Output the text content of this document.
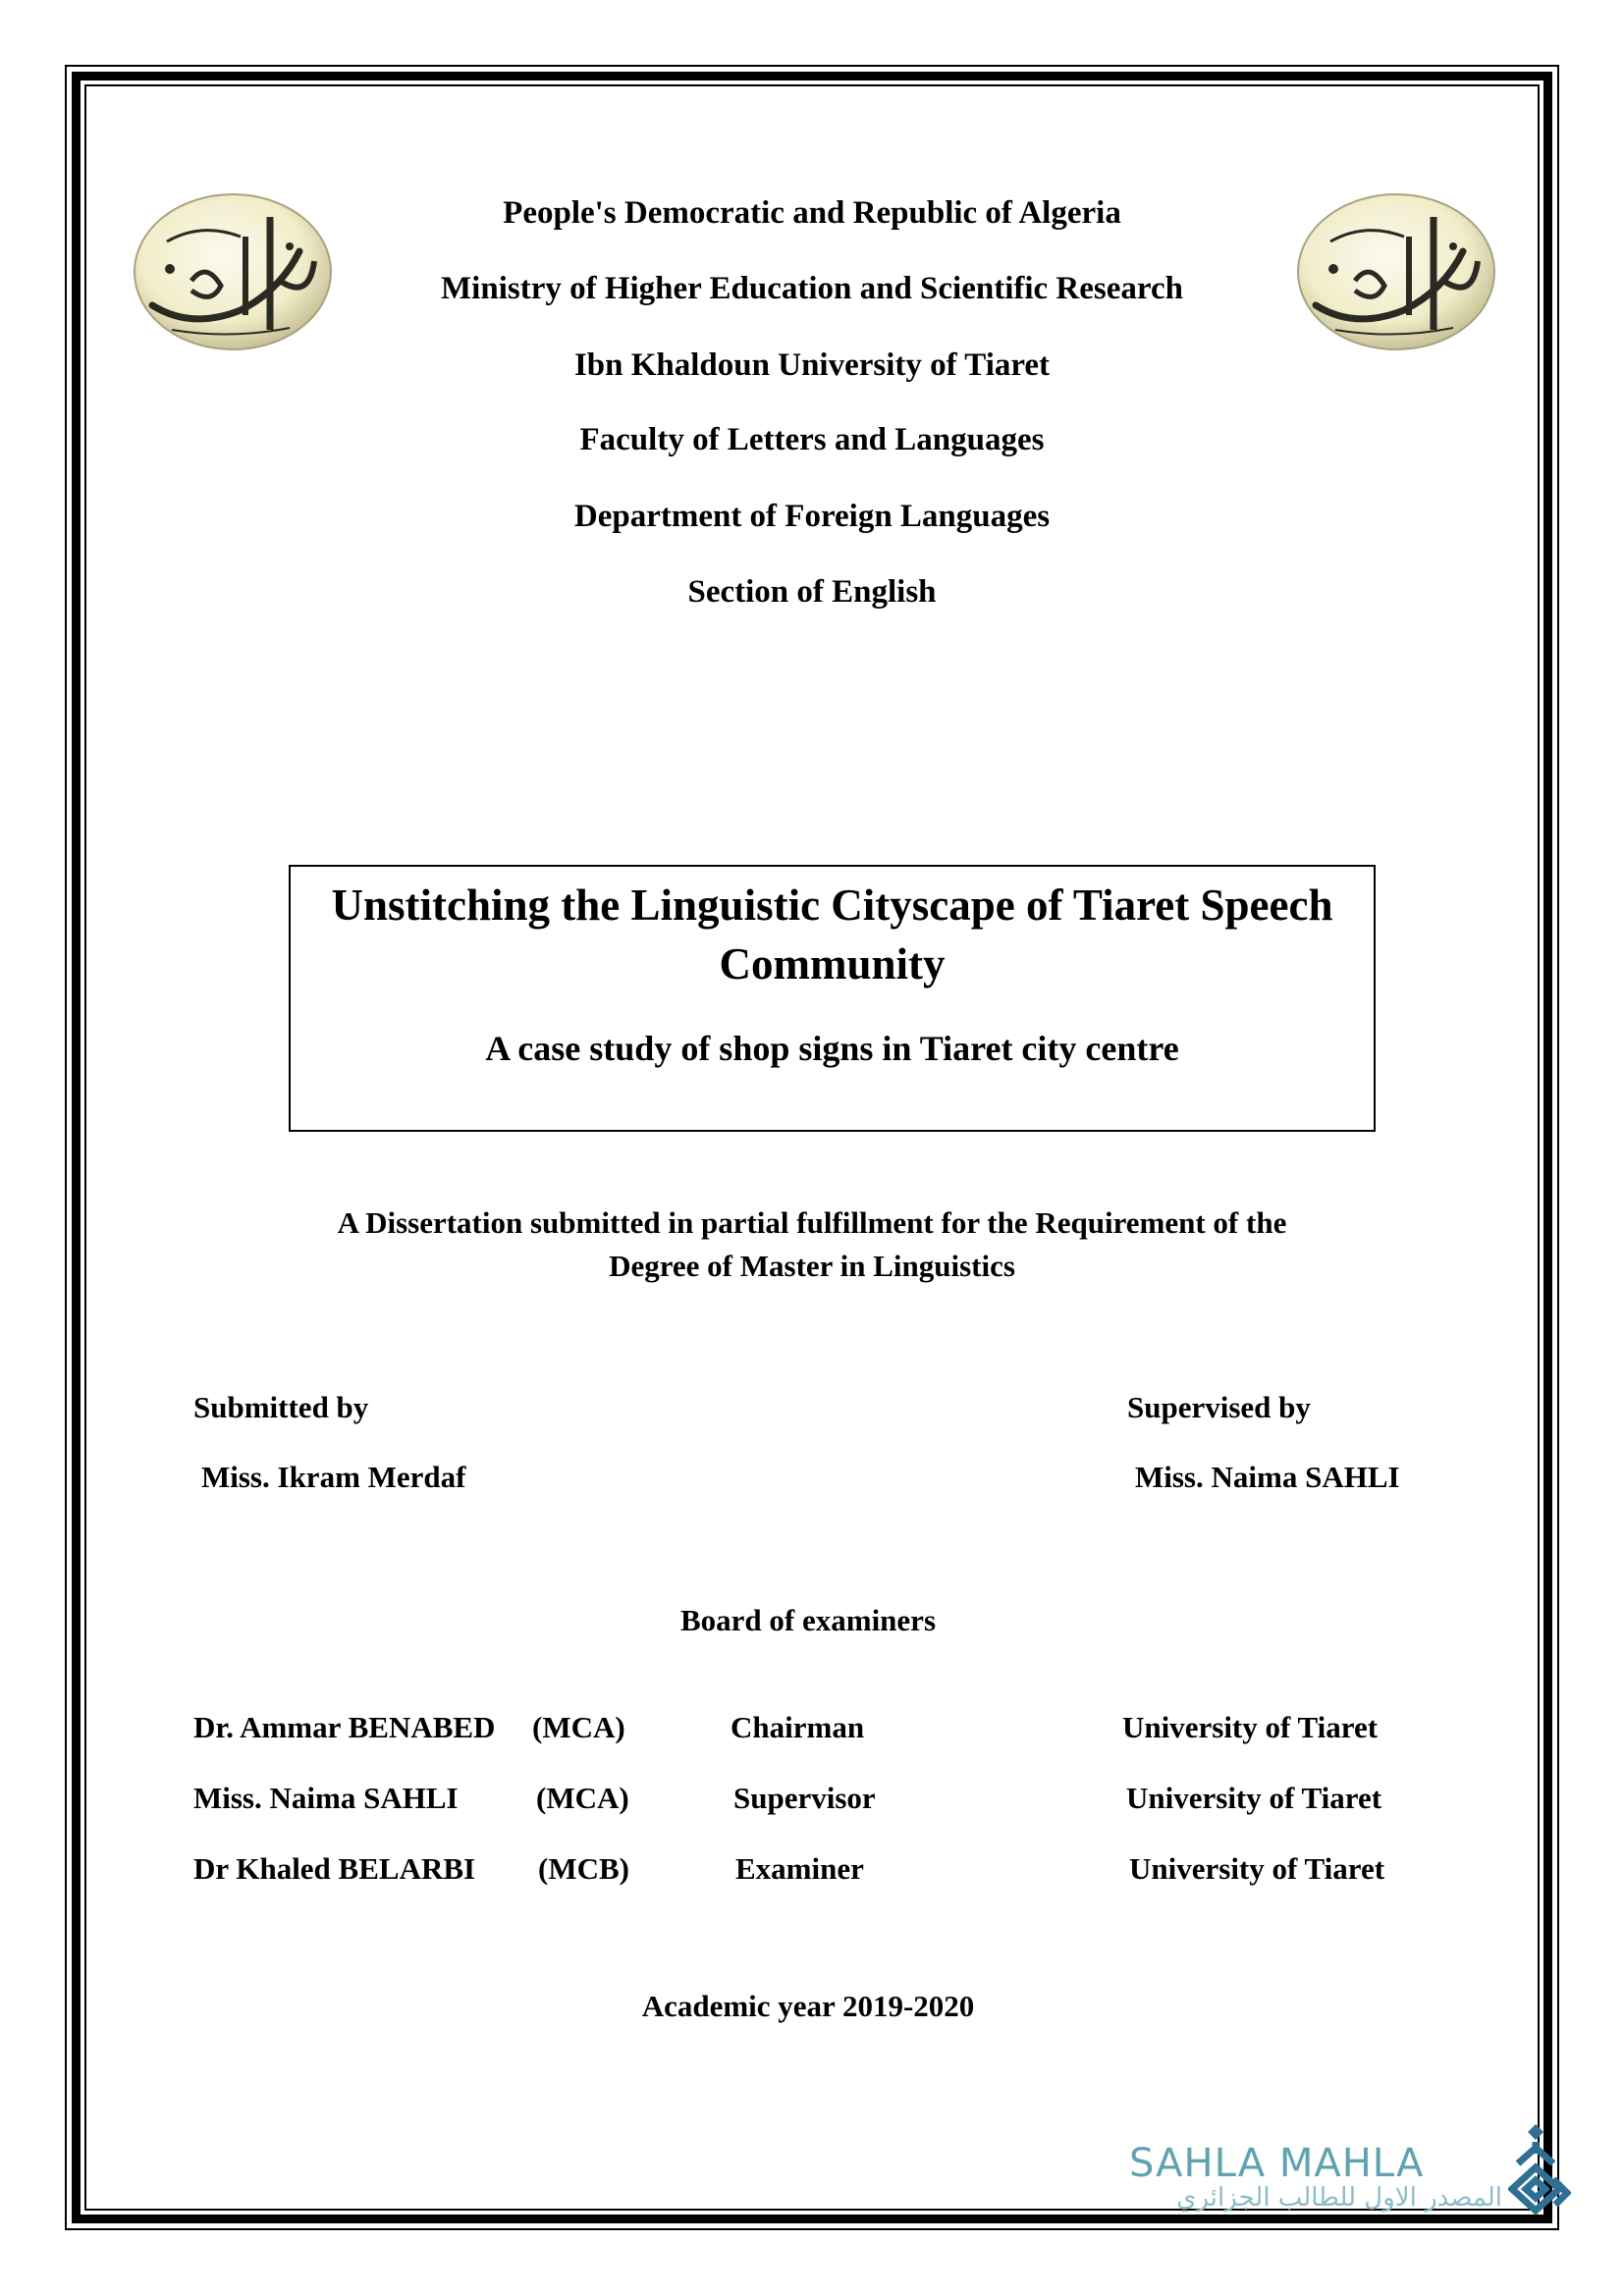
People's Democratic and Republic of Algeria
Ministry of Higher Education and Scientific Research
Ibn Khaldoun University of Tiaret
Faculty of Letters and Languages
Department of Foreign Languages
Section of English
Unstitching the Linguistic Cityscape of Tiaret Speech
Community
A case study of shop signs in Tiaret city centre
A Dissertation submitted in partial fulfillment for the Requirement of the
Degree of Master in Linguistics
Submitted by
Miss. Ikram Merdaf
Supervised by
Miss. Naima SAHLI
Board of examiners
Dr. Ammar BENABED (MCA)	Chairman	University of Tiaret
Miss. Naima SAHLI	(MCA)	Supervisor	University of Tiaret
Dr Khaled BELARBI (MCB)	Examiner	University of Tiaret
Academic year 2019-2020
SAHLA MAHLA
المصدر الاول للطالب الجزائري
